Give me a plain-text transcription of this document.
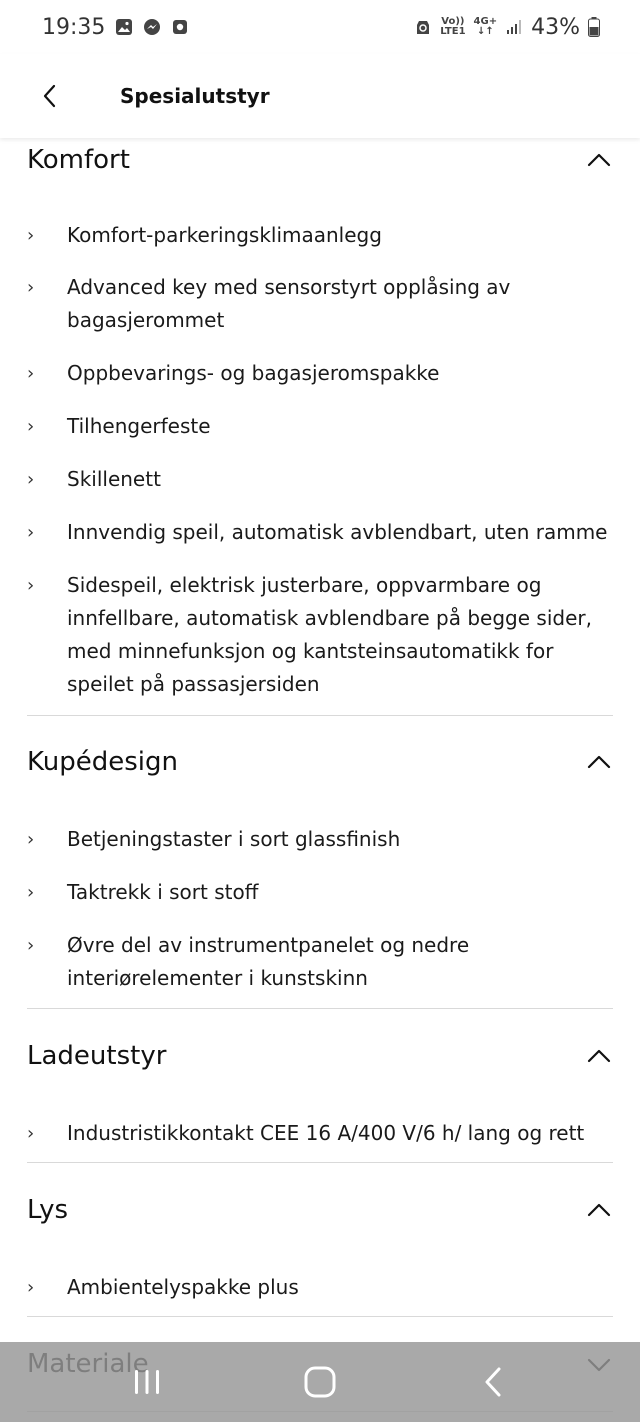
19:35	Vo))
LTE1
4G+
↓↑ 43%
Spesialutstyr
Komfort
›	Komfort-parkeringsklimaanlegg
›	Advanced key med sensorstyrt opplåsing av bagasjerommet
›	Oppbevarings- og bagasjeromspakke
›	Tilhengerfeste
›	Skillenett
›	Innvendig speil, automatisk avblendbart, uten ramme
›	Sidespeil, elektrisk justerbare, oppvarmbare og innfellbare, automatisk avblendbare på begge sider, med minnefunksjon og kantsteinsautomatikk for speilet på passasjersiden
Kupédesign
›	Betjeningstaster i sort glassfinish
›	Taktrekk i sort stoff
›	Øvre del av instrumentpanelet og nedre interiørelementer i kunstskinn
Ladeutstyr
›	Industristikkontakt CEE 16 A/400 V/6 h/ lang og rett
Lys
›	Ambientelyspakke plus
